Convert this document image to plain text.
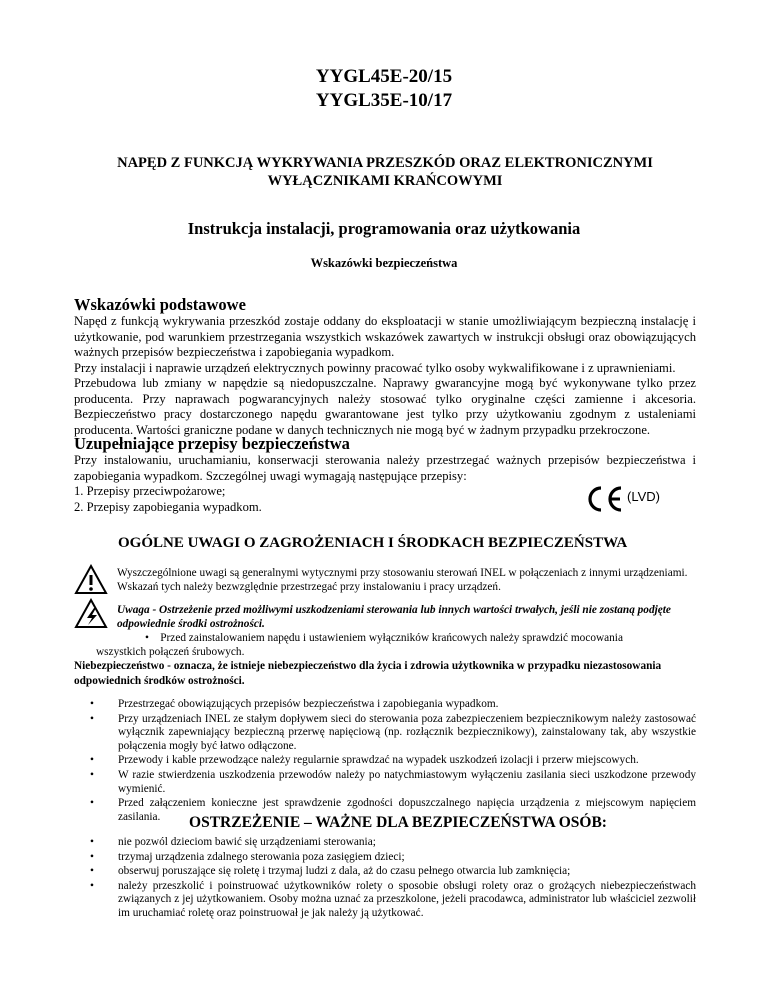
YYGL45E-20/15
YYGL35E-10/17
NAPĘD Z FUNKCJĄ WYKRYWANIA PRZESZKÓD ORAZ ELEKTRONICZNYMI
WYŁĄCZNIKAMI KRAŃCOWYMI
Instrukcja instalacji, programowania oraz użytkowania
Wskazówki bezpieczeństwa
Wskazówki podstawowe

Napęd z funkcją wykrywania przeszkód zostaje oddany do eksploatacji w stanie umożliwiającym bezpieczną instalację i użytkowanie, pod warunkiem przestrzegania wszystkich wskazówek zawartych w instrukcji obsługi oraz obowiązujących ważnych przepisów bezpieczeństwa i zapobiegania wypadkom.

Przy instalacji i naprawie urządzeń elektrycznych powinny pracować tylko osoby wykwalifikowane i z uprawnieniami.

Przebudowa lub zmiany w napędzie są niedopuszczalne. Naprawy gwarancyjne mogą być wykonywane tylko przez producenta. Przy naprawach pogwarancyjnych należy stosować tylko oryginalne części zamienne i akcesoria. Bezpieczeństwo pracy dostarczonego napędu gwarantowane jest tylko przy użytkowaniu zgodnym z ustaleniami producenta. Wartości graniczne podane w danych technicznych nie mogą być w żadnym przypadku przekroczone.

Uzupełniające przepisy bezpieczeństwa

Przy instalowaniu, uruchamianiu, konserwacji sterowania należy przestrzegać ważnych przepisów bezpieczeństwa i zapobiegania wypadkom. Szczególnej uwagi wymagają następujące przepisy:

1. Przepisy przeciwpożarowe;

2. Przepisy zapobiegania wypadkom.

(LVD)
OGÓLNE UWAGI O ZAGROŻENIACH I ŚRODKACH BEZPIECZEŃSTWA
Wyszczególnione uwagi są generalnymi wytycznymi przy stosowaniu sterowań INEL w połączeniach z innymi urządzeniami. Wskazań tych należy bezwzględnie przestrzegać przy instalowaniu i pracy urządzeń.
Uwaga - Ostrzeżenie przed możliwymi uszkodzeniami sterowania lub innych wartości trwałych, jeśli nie zostaną podjęte odpowiednie środki ostrożności.
• Przed zainstalowaniem napędu i ustawieniem wyłączników krańcowych należy sprawdzić mocowania
wszystkich połączeń śrubowych.
Niebezpieczeństwo - oznacza, że istnieje niebezpieczeństwo dla życia i zdrowia użytkownika w przypadku niezastosowania odpowiednich środków ostrożności.
• Przestrzegać obowiązujących przepisów bezpieczeństwa i zapobiegania wypadkom.
• Przy urządzeniach INEL ze stałym dopływem sieci do sterowania poza zabezpieczeniem bezpiecznikowym należy zastosować wyłącznik zapewniający bezpieczną przerwę napięciową (np. rozłącznik bezpiecznikowy), zainstalowany tak, aby wszystkie połączenia mogły być łatwo odłączone.
• Przewody i kable przewodzące należy regularnie sprawdzać na wypadek uszkodzeń izolacji i przerw miejscowych.
• W razie stwierdzenia uszkodzenia przewodów należy po natychmiastowym wyłączeniu zasilania sieci uszkodzone przewody wymienić.
• Przed załączeniem konieczne jest sprawdzenie zgodności dopuszczalnego napięcia urządzenia z miejscowym napięciem zasilania.	OSTRZEŻENIE – WAŻNE DLA BEZPIECZEŃSTWA OSÓB:
• nie pozwól dzieciom bawić się urządzeniami sterowania;
• trzymaj urządzenia zdalnego sterowania poza zasięgiem dzieci;
• obserwuj poruszające się roletę i trzymaj ludzi z dala, aż do czasu pełnego otwarcia lub zamknięcia;
• należy przeszkolić i poinstruować użytkowników rolety o sposobie obsługi rolety oraz o grożących niebezpieczeństwach związanych z jej użytkowaniem. Osoby można uznać za przeszkolone, jeżeli pracodawca, administrator lub właściciel zezwolił im uruchamiać roletę oraz poinstruował je jak należy ją użytkować.
